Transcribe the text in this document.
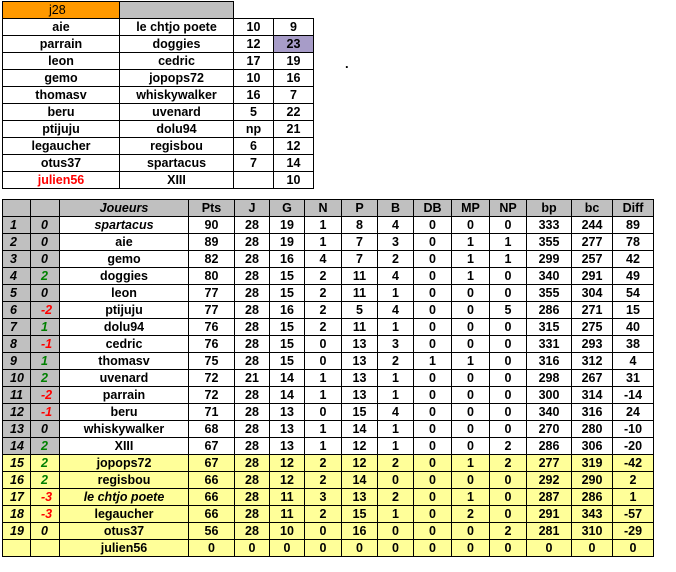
j28			
aie	le chtjo poete	10	9
parrain	doggies	12	23
leon	cedric	17	19
gemo	jopops72	10	16
thomasv	whiskywalker	16	7
beru	uvenard	5	22
ptijuju	dolu94	np	21
legaucher	regisbou	6	12
otus37	spartacus	7	14
julien56	XIII		10
.
		Joueurs	Pts	J	G	N	P	B	DB	MP	NP	bp	bc	Diff
1	0	spartacus	90	28	19	1	8	4	0	0	0	333	244	89
2	0	aie	89	28	19	1	7	3	0	1	1	355	277	78
3	0	gemo	82	28	16	4	7	2	0	1	1	299	257	42
4	2	doggies	80	28	15	2	11	4	0	1	0	340	291	49
5	0	leon	77	28	15	2	11	1	0	0	0	355	304	54
6	-2	ptijuju	77	28	16	2	5	4	0	0	5	286	271	15
7	1	dolu94	76	28	15	2	11	1	0	0	0	315	275	40
8	-1	cedric	76	28	15	0	13	3	0	0	0	331	293	38
9	1	thomasv	75	28	15	0	13	2	1	1	0	316	312	4
10	2	uvenard	72	21	14	1	13	1	0	0	0	298	267	31
11	-2	parrain	72	28	14	1	13	1	0	0	0	300	314	-14
12	-1	beru	71	28	13	0	15	4	0	0	0	340	316	24
13	0	whiskywalker	68	28	13	1	14	1	0	0	0	270	280	-10
14	2	XIII	67	28	13	1	12	1	0	0	2	286	306	-20
15	2	jopops72	67	28	12	2	12	2	0	1	2	277	319	-42
16	2	regisbou	66	28	12	2	14	0	0	0	0	292	290	2
17	-3	le chtjo poete	66	28	11	3	13	2	0	1	0	287	286	1
18	-3	legaucher	66	28	11	2	15	1	0	2	0	291	343	-57
19	0	otus37	56	28	10	0	16	0	0	0	2	281	310	-29
		julien56	0	0	0	0	0	0	0	0	0	0	0	0
